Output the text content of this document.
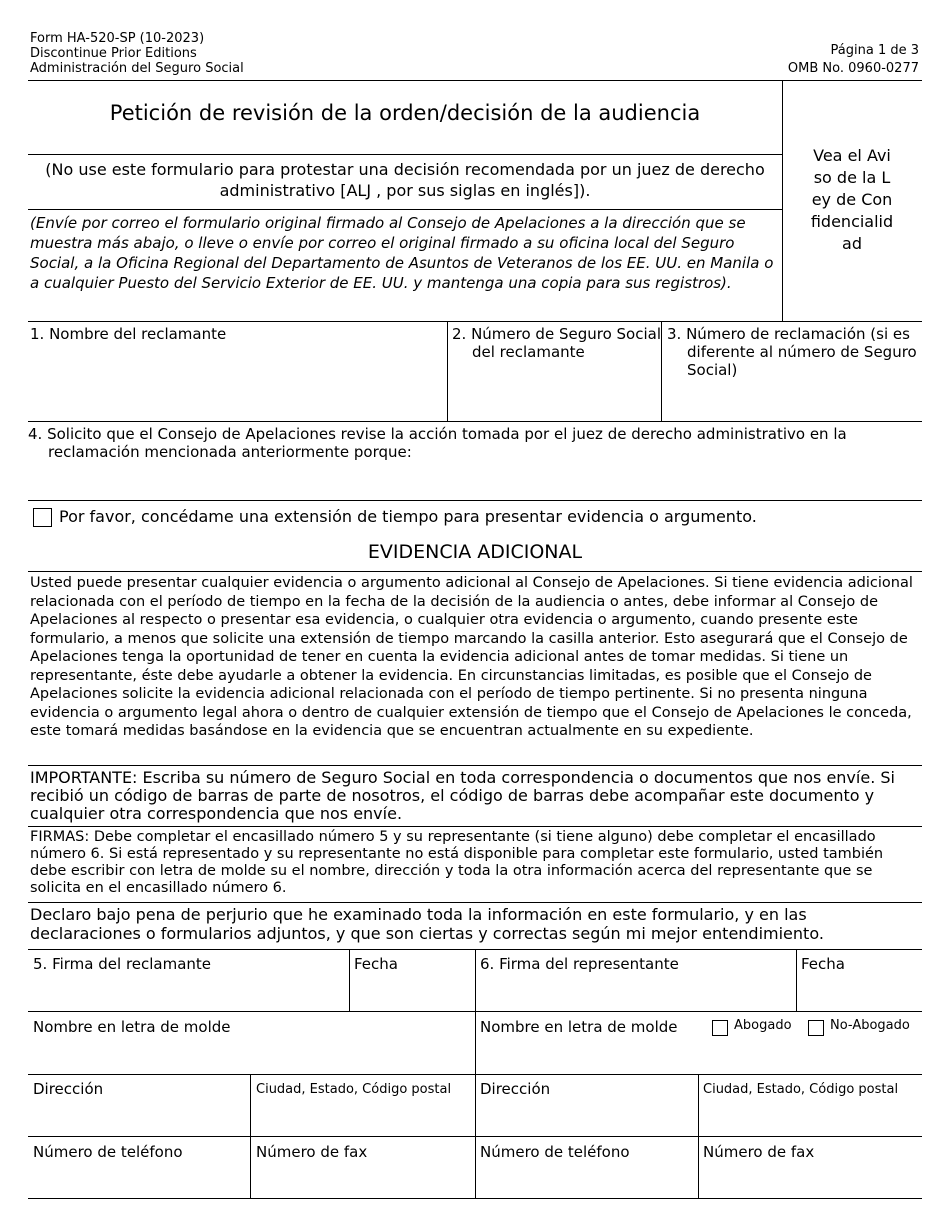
Form HA-520-SP (10-2023)
Discontinue Prior Editions
Administración del Seguro Social
Página 1 de 3
OMB No. 0960-0277
Petición de revisión de la orden/decisión de la audiencia
(No use este formulario para protestar una decisión recomendada por un juez de derecho administrativo [ALJ , por sus siglas en inglés]).
(Envíe por correo el formulario original firmado al Consejo de Apelaciones a la dirección que se muestra más abajo, o lleve o envíe por correo el original firmado a su oficina local del Seguro Social, a la Oficina Regional del Departamento de Asuntos de Veteranos de los EE. UU. en Manila o a cualquier Puesto del Servicio Exterior de EE. UU. y mantenga una copia para sus registros).
Vea el Aviso de la Ley de Confidencialidad
1. Nombre del reclamante	2. Número de Seguro Social del reclamante
3. Número de reclamación (si es diferente al número de Seguro Social)
4. Solicito que el Consejo de Apelaciones revise la acción tomada por el juez de derecho administrativo en la reclamación mencionada anteriormente porque:
Por favor, concédame una extensión de tiempo para presentar evidencia o argumento.
EVIDENCIA ADICIONAL
Usted puede presentar cualquier evidencia o argumento adicional al Consejo de Apelaciones. Si tiene evidencia adicional relacionada con el período de tiempo en la fecha de la decisión de la audiencia o antes, debe informar al Consejo de Apelaciones al respecto o presentar esa evidencia, o cualquier otra evidencia o argumento, cuando presente este formulario, a menos que solicite una extensión de tiempo marcando la casilla anterior. Esto asegurará que el Consejo de Apelaciones tenga la oportunidad de tener en cuenta la evidencia adicional antes de tomar medidas. Si tiene un representante, éste debe ayudarle a obtener la evidencia. En circunstancias limitadas, es posible que el Consejo de Apelaciones solicite la evidencia adicional relacionada con el período de tiempo pertinente. Si no presenta ninguna evidencia o argumento legal ahora o dentro de cualquier extensión de tiempo que el Consejo de Apelaciones le conceda, este tomará medidas basándose en la evidencia que se encuentran actualmente en su expediente.
IMPORTANTE: Escriba su número de Seguro Social en toda correspondencia o documentos que nos envíe. Si recibió un código de barras de parte de nosotros, el código de barras debe acompañar este documento y cualquier otra correspondencia que nos envíe.
FIRMAS: Debe completar el encasillado número 5 y su representante (si tiene alguno) debe completar el encasillado número 6. Si está representado y su representante no está disponible para completar este formulario, usted también debe escribir con letra de molde su el nombre, dirección y toda la otra información acerca del representante que se solicita en el encasillado número 6.
Declaro bajo pena de perjurio que he examinado toda la información en este formulario, y en las declaraciones o formularios adjuntos, y que son ciertas y correctas según mi mejor entendimiento.
5. Firma del reclamante	Fecha
Nombre en letra de molde
Dirección	Ciudad, Estado, Código postal
Número de teléfono	Número de fax
6. Firma del representante	Fecha
Nombre en letra de molde	Abogado	No-Abogado
Dirección	Ciudad, Estado, Código postal
Número de teléfono	Número de fax
